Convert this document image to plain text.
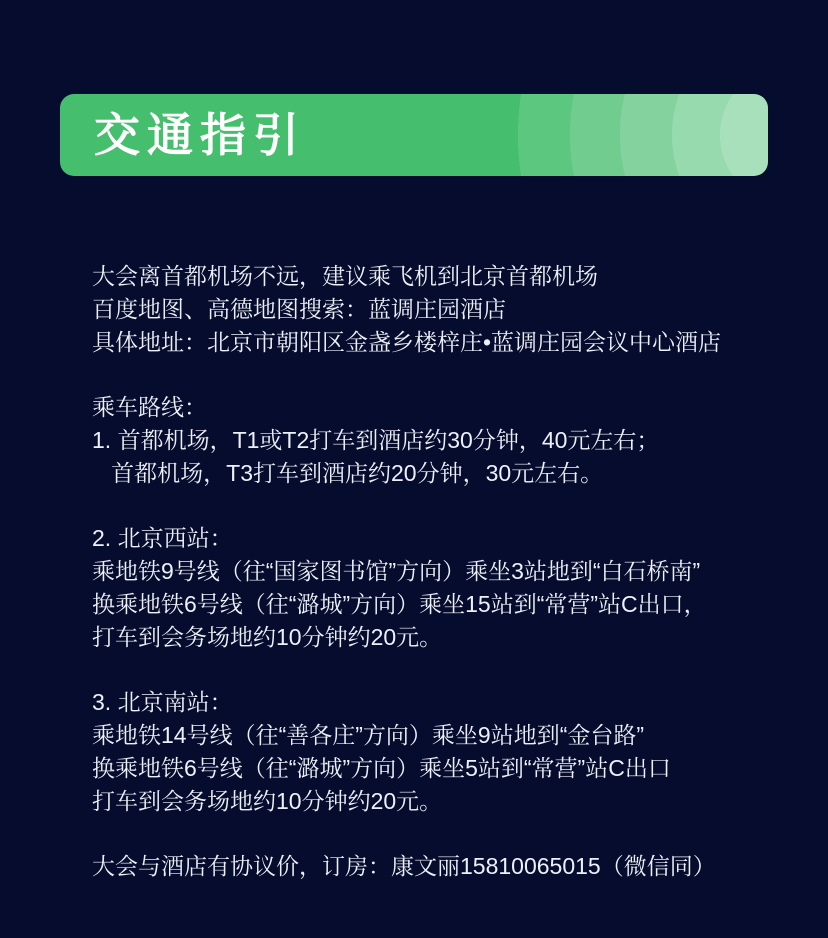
交通指引
大会离首都机场不远，建议乘飞机到北京首都机场
百度地图、高德地图搜索：蓝调庄园酒店
具体地址：北京市朝阳区金盏乡楼梓庄•蓝调庄园会议中心酒店
乘车路线：
1. 首都机场，T1或T2打车到酒店约30分钟，40元左右；
首都机场，T3打车到酒店约20分钟，30元左右。
2. 北京西站：
乘地铁9号线（往“国家图书馆”方向）乘坐3站地到“白石桥南”
换乘地铁6号线（往“潞城”方向）乘坐15站到“常营”站C出口，
打车到会务场地约10分钟约20元。
3. 北京南站：
乘地铁14号线（往“善各庄”方向）乘坐9站地到“金台路”
换乘地铁6号线（往“潞城”方向）乘坐5站到“常营”站C出口
打车到会务场地约10分钟约20元。
大会与酒店有协议价，订房：康文丽15810065015（微信同）
